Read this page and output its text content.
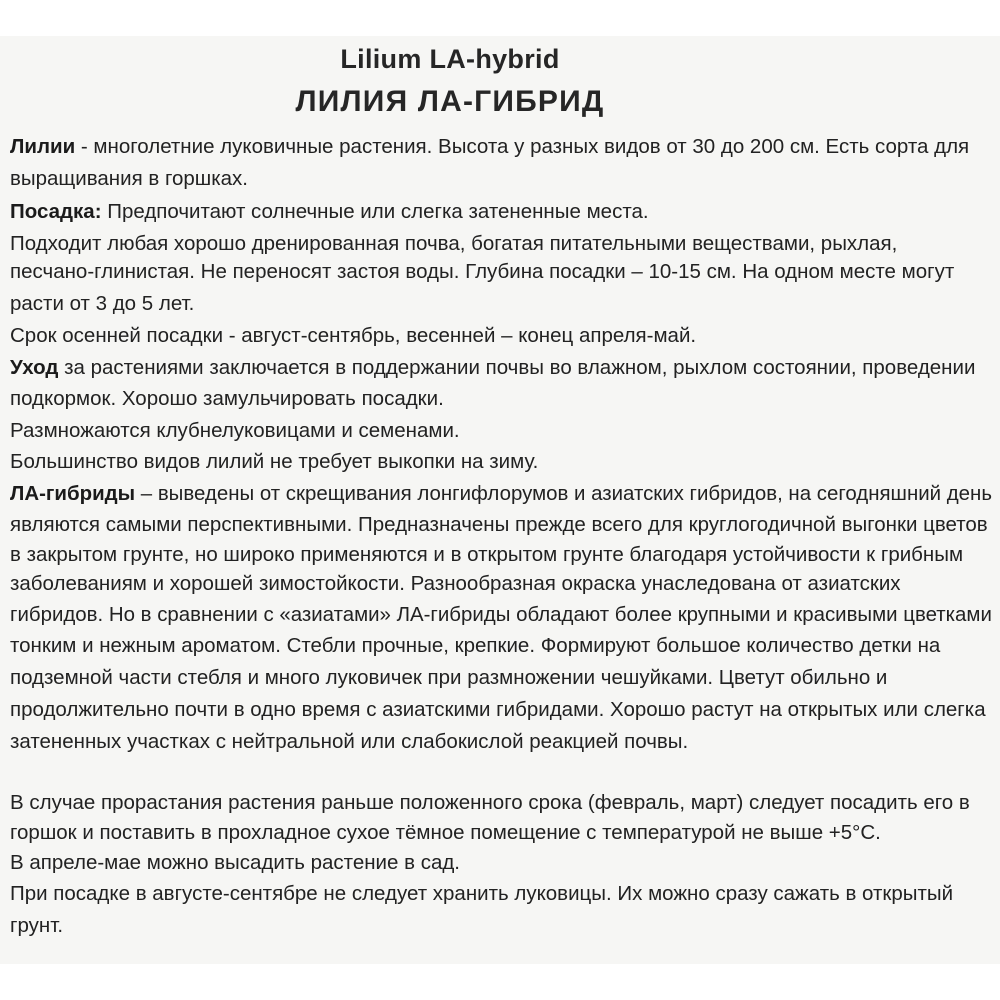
Lilium LA-hybrid
ЛИЛИЯ ЛА-ГИБРИД
Лилии - многолетние луковичные растения. Высота у разных видов от 30 до 200 см. Есть сорта для
выращивания в горшках.
Посадка: Предпочитают солнечные или слегка затененные места.
Подходит любая хорошо дренированная почва, богатая питательными веществами, рыхлая,
песчано-глинистая. Не переносят застоя воды. Глубина посадки – 10-15 см. На одном месте могут
расти от 3 до 5 лет.
Срок осенней посадки - август-сентябрь, весенней – конец апреля-май.
Уход за растениями заключается в поддержании почвы во влажном, рыхлом состоянии, проведении
подкормок. Хорошо замульчировать посадки.
Размножаются клубнелуковицами и семенами.
Большинство видов лилий не требует выкопки на зиму.
ЛА-гибриды – выведены от скрещивания лонгифлорумов и азиатских гибридов, на сегодняшний день
являются самыми перспективными. Предназначены прежде всего для круглогодичной выгонки цветов
в закрытом грунте, но широко применяются и в открытом грунте благодаря устойчивости к грибным
заболеваниям и хорошей зимостойкости. Разнообразная окраска унаследована от азиатских
гибридов. Но в сравнении с «азиатами» ЛА-гибриды обладают более крупными и красивыми цветками
тонким и нежным ароматом. Стебли прочные, крепкие. Формируют большое количество детки на
подземной части стебля и много луковичек при размножении чешуйками. Цветут обильно и
продолжительно почти в одно время с азиатскими гибридами. Хорошо растут на открытых или слегка
затененных участках с нейтральной или слабокислой реакцией почвы.
В случае прорастания растения раньше положенного срока (февраль, март) следует посадить его в
горшок и поставить в прохладное сухое тёмное помещение с температурой не выше +5°С.
В апреле-мае можно высадить растение в сад.
При посадке в августе-сентябре не следует хранить луковицы. Их можно сразу сажать в открытый
грунт.
